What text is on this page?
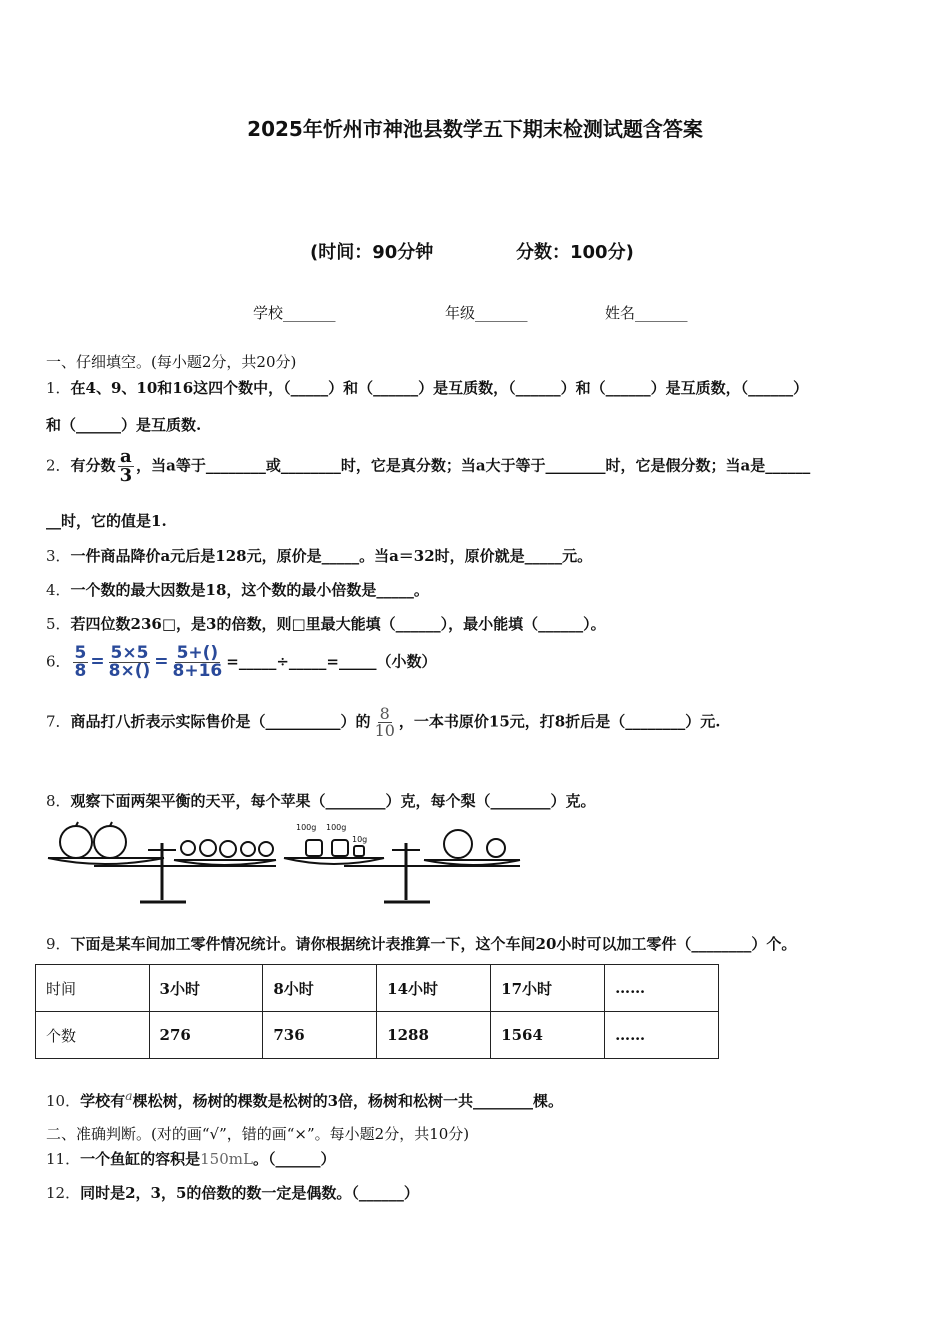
2025年忻州市神池县数学五下期末检测试题含答案
(时间：90分钟	分数：100分)
学校_______	年级_______	姓名_______
一、仔细填空。(每小题2分，共20分)
1．在4、9、10和16这四个数中，（_____）和（______）是互质数，（______）和（______）是互质数，（______）
和（______）是互质数.
2．有分数 $\frac{a}{3}$ ，当a等于________或________时，它是真分数；当a大于等于________时，它是假分数；当a是______
__时，它的值是1.
3．一件商品降价a元后是128元，原价是_____。当a＝32时，原价就是_____元。
4．一个数的最大因数是18，这个数的最小倍数是_____。
5．若四位数236□，是3的倍数，则□里最大能填（______），最小能填（______）。
6． $\frac{5}{8} = \frac{5\times 5}{8\times()} = \frac{5+()}{8+16}$ =_____÷_____=_____（小数）
7．商品打八折表示实际售价是（__________）的 $\frac{8}{10}$ ，一本书原价15元，打8折后是（________）元.
8．观察下面两架平衡的天平，每个苹果（________）克，每个梨（________）克。
100g 100g
10g
9．下面是某车间加工零件情况统计。请你根据统计表推算一下，这个车间20小时可以加工零件（________）个。
时间	3小时	8小时	14小时	17小时	……
个数	276	736	1288	1564	……
10．学校有$^a$棵松树，杨树的棵数是松树的3倍，杨树和松树一共________棵。
二、准确判断。(对的画“√”，错的画“×”。每小题2分，共10分)
11．一个鱼缸的容积是150mL。（______）
12．同时是2，3，5的倍数的数一定是偶数。（______）
